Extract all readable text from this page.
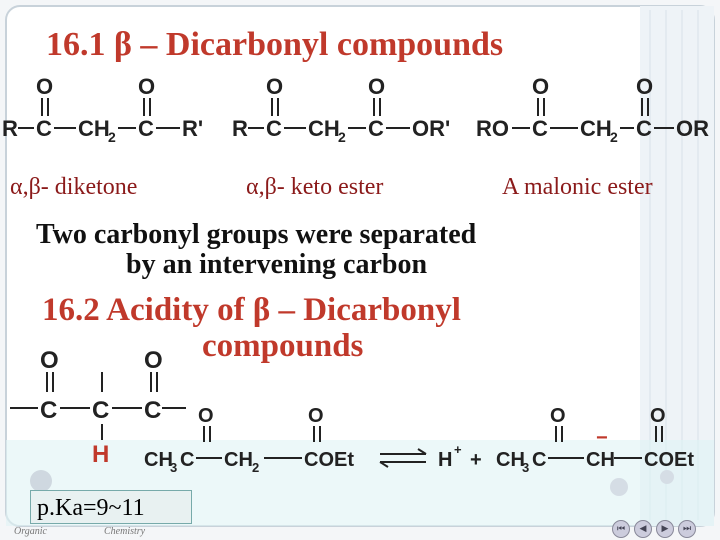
16.1 β – Dicarbonyl compounds
R C
O
CH
2 C
O
R' R C
O
CH
2 C
O
OR' RO C
O
CH
2 C
O
OR
α,β- diketone	α,β- keto ester	A malonic ester
Two carbonyl groups were separated
by an intervening carbon
16.2 Acidity of β – Dicarbonyl
compounds
O	O
C C C
H
O	O
CH
3 C CH 2 COEt	H + + CH
3 C
O
CH
−
COEt
O
p.Ka=9~11
Organic	Chemistry	⏮	◀	▶	⏭
